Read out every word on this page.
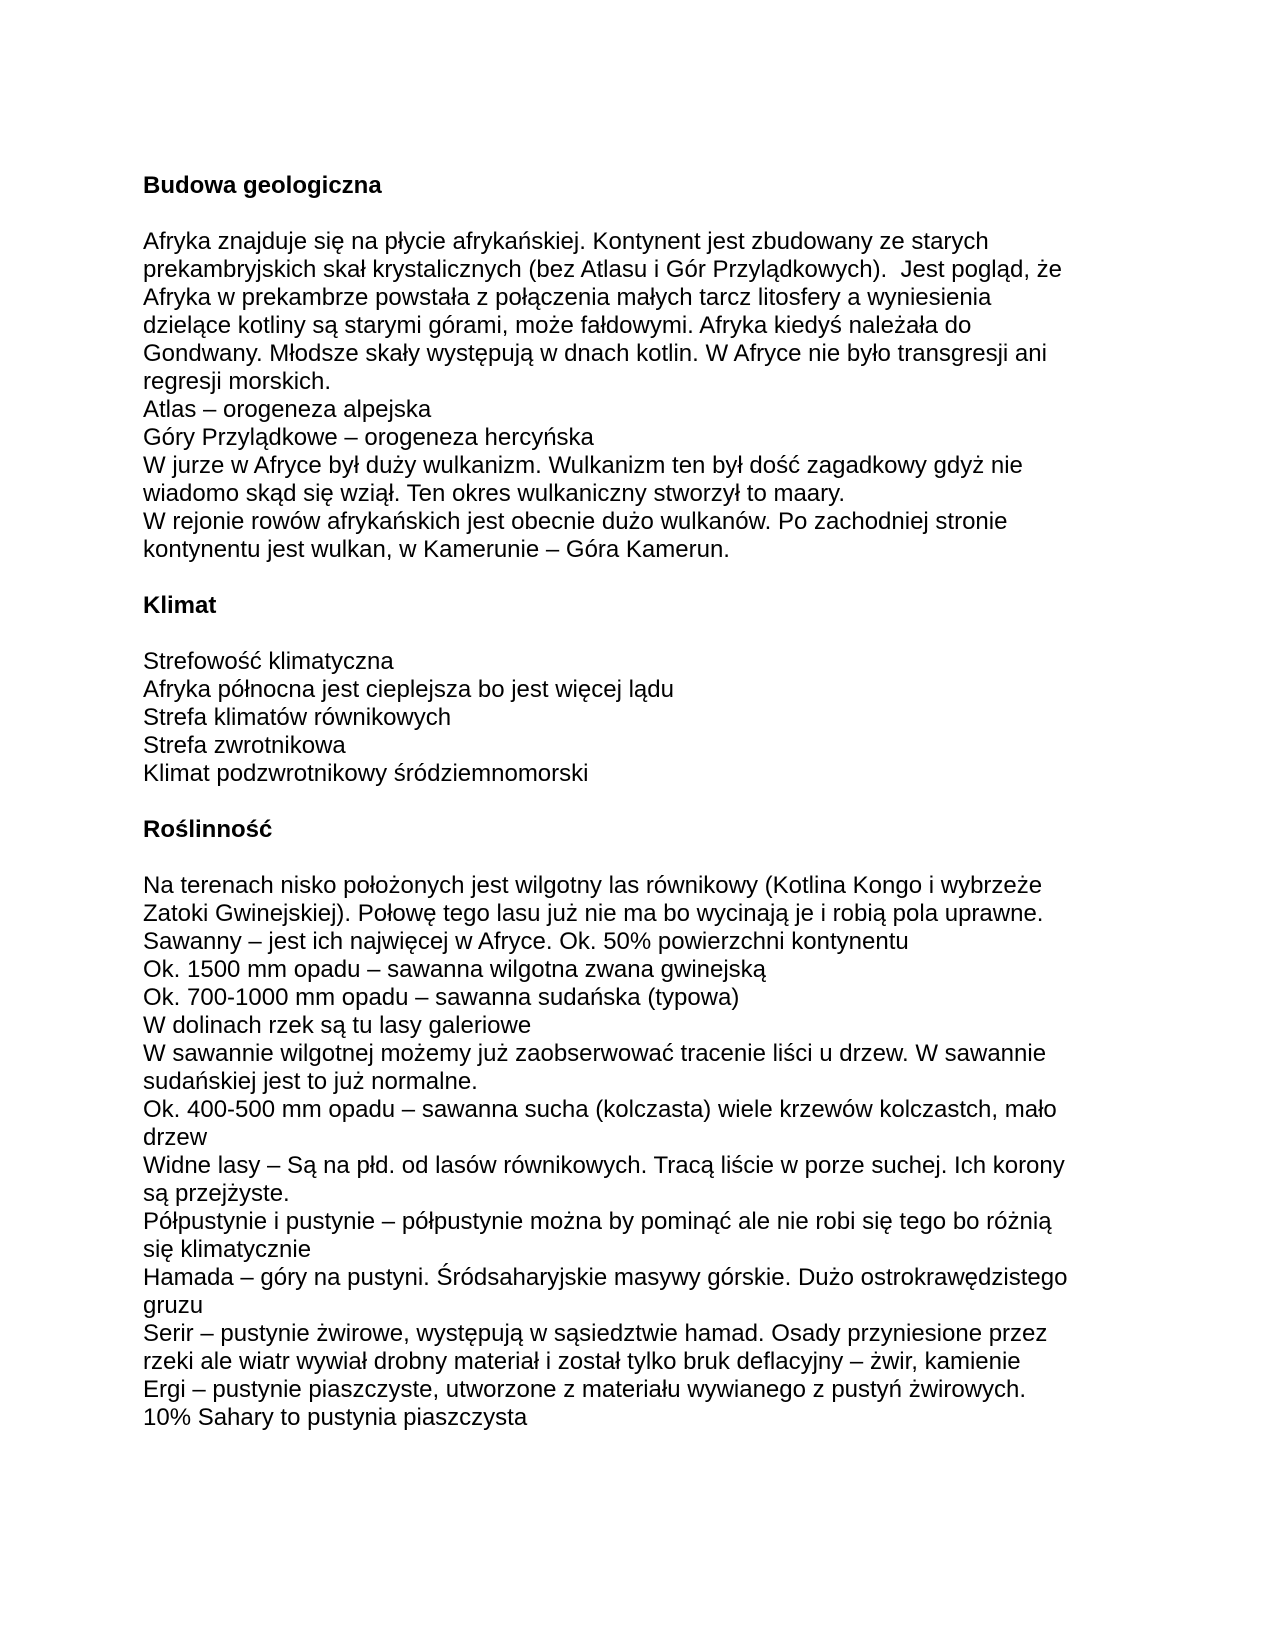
Budowa geologiczna
Afryka znajduje się na płycie afrykańskiej. Kontynent jest zbudowany ze starych
prekambryjskich skał krystalicznych (bez Atlasu i Gór Przylądkowych).  Jest pogląd, że
Afryka w prekambrze powstała z połączenia małych tarcz litosfery a wyniesienia
dzielące kotliny są starymi górami, może fałdowymi. Afryka kiedyś należała do
Gondwany. Młodsze skały występują w dnach kotlin. W Afryce nie było transgresji ani
regresji morskich.
Atlas – orogeneza alpejska
Góry Przylądkowe – orogeneza hercyńska
W jurze w Afryce był duży wulkanizm. Wulkanizm ten był dość zagadkowy gdyż nie
wiadomo skąd się wziął. Ten okres wulkaniczny stworzył to maary.
W rejonie rowów afrykańskich jest obecnie dużo wulkanów. Po zachodniej stronie
kontynentu jest wulkan, w Kamerunie – Góra Kamerun.
Klimat
Strefowość klimatyczna
Afryka północna jest cieplejsza bo jest więcej lądu
Strefa klimatów równikowych
Strefa zwrotnikowa
Klimat podzwrotnikowy śródziemnomorski
Roślinność
Na terenach nisko położonych jest wilgotny las równikowy (Kotlina Kongo i wybrzeże
Zatoki Gwinejskiej). Połowę tego lasu już nie ma bo wycinają je i robią pola uprawne.
Sawanny – jest ich najwięcej w Afryce. Ok. 50% powierzchni kontynentu
Ok. 1500 mm opadu – sawanna wilgotna zwana gwinejską
Ok. 700-1000 mm opadu – sawanna sudańska (typowa)
W dolinach rzek są tu lasy galeriowe
W sawannie wilgotnej możemy już zaobserwować tracenie liści u drzew. W sawannie
sudańskiej jest to już normalne.
Ok. 400-500 mm opadu – sawanna sucha (kolczasta) wiele krzewów kolczastch, mało
drzew
Widne lasy – Są na płd. od lasów równikowych. Tracą liście w porze suchej. Ich korony
są przejżyste.
Półpustynie i pustynie – półpustynie można by pominąć ale nie robi się tego bo różnią
się klimatycznie
Hamada – góry na pustyni. Śródsaharyjskie masywy górskie. Dużo ostrokrawędzistego
gruzu
Serir – pustynie żwirowe, występują w sąsiedztwie hamad. Osady przyniesione przez
rzeki ale wiatr wywiał drobny materiał i został tylko bruk deflacyjny – żwir, kamienie
Ergi – pustynie piaszczyste, utworzone z materiału wywianego z pustyń żwirowych.
10% Sahary to pustynia piaszczysta
